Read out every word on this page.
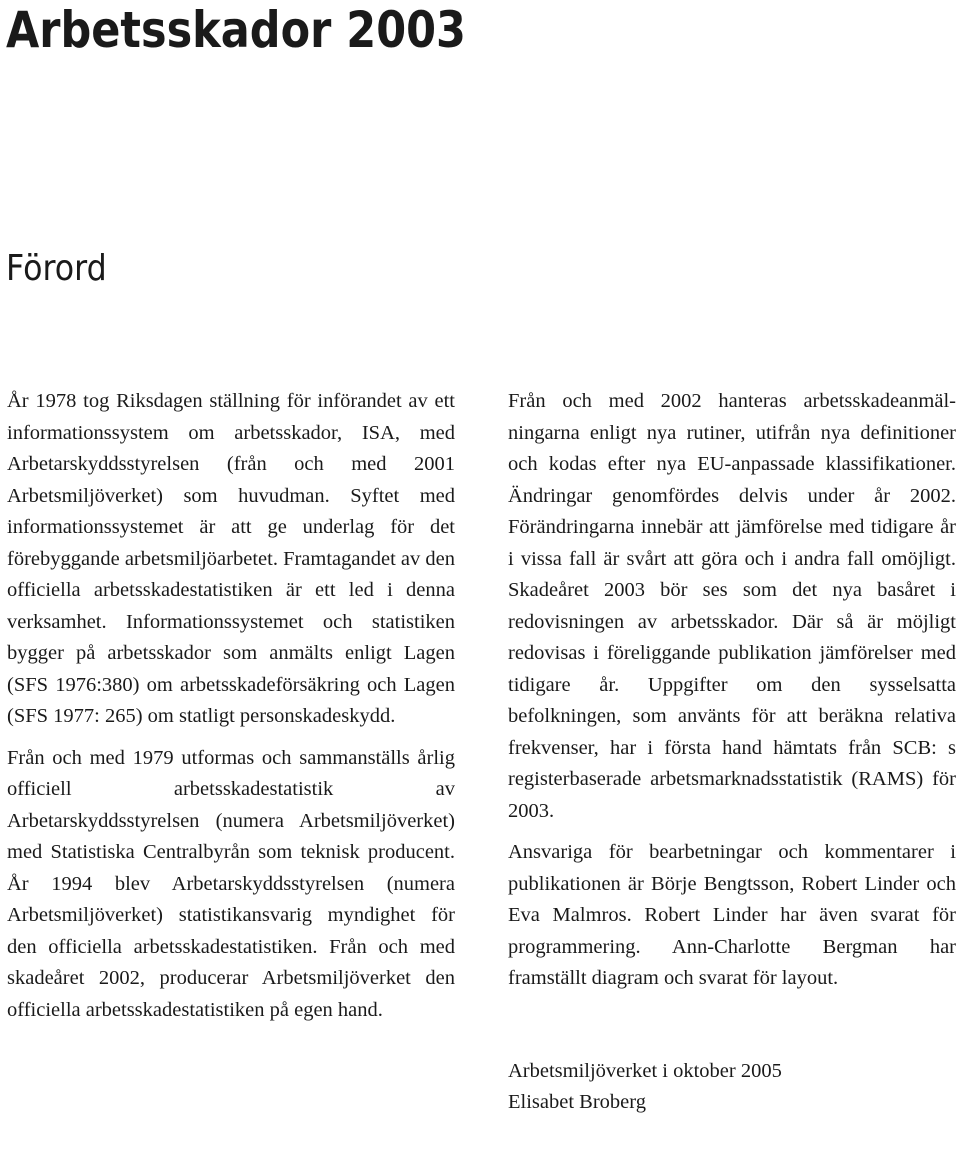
Arbetsskador 2003
Förord

År 1978 tog Riksdagen ställning för införandet av ett informationssystem om arbetsskador, ISA, med Arbetarskyddsstyrelsen (från och med 2001 Arbetsmiljöverket) som huvudman. Syftet med informationssystemet är att ge underlag för det förebyggande arbetsmiljöarbetet. Framtagandet av den officiella arbetsskadestatistiken är ett led i denna verksamhet. Informationssystemet och statistiken bygger på arbetsskador som anmälts enligt Lagen (SFS 1976:380) om arbetsskadeförsäkring och Lagen (SFS 1977: 265) om statligt personskadeskydd.

Från och med 1979 utformas och sammanställs årlig officiell arbetsskadestatistik av Arbetarskyddsstyrelsen (numera Arbetsmiljöverket) med Statistiska Centralbyrån som teknisk producent. År 1994 blev Arbetarskyddsstyrelsen (numera Arbetsmiljöverket) statistikansvarig myndighet för den officiella arbetsskadestatistiken. Från och med skadeåret 2002, producerar Arbetsmiljöverket den officiella arbetsskadestatistiken på egen hand.

Från och med 2002 hanteras arbetsskadeanmälningarna enligt nya rutiner, utifrån nya definitioner och kodas efter nya EU-anpassade klassifikationer. Ändringar genomfördes delvis under år 2002. Förändringarna innebär att jämförelse med tidigare år i vissa fall är svårt att göra och i andra fall omöjligt. Skadeåret 2003 bör ses som det nya basåret i redovisningen av arbetsskador. Där så är möjligt redovisas i föreliggande publikation jämförelser med tidigare år. Uppgifter om den sysselsatta befolkningen, som använts för att beräkna relativa frekvenser, har i första hand hämtats från SCB: s registerbaserade arbetsmarknadsstatistik (RAMS) för 2003.

Ansvariga för bearbetningar och kommentarer i publikationen är Börje Bengtsson, Robert Linder och Eva Malmros. Robert Linder har även svarat för programmering. Ann-Charlotte Bergman har framställt diagram och svarat för layout.

Arbetsmiljöverket i oktober 2005
Elisabet Broberg
